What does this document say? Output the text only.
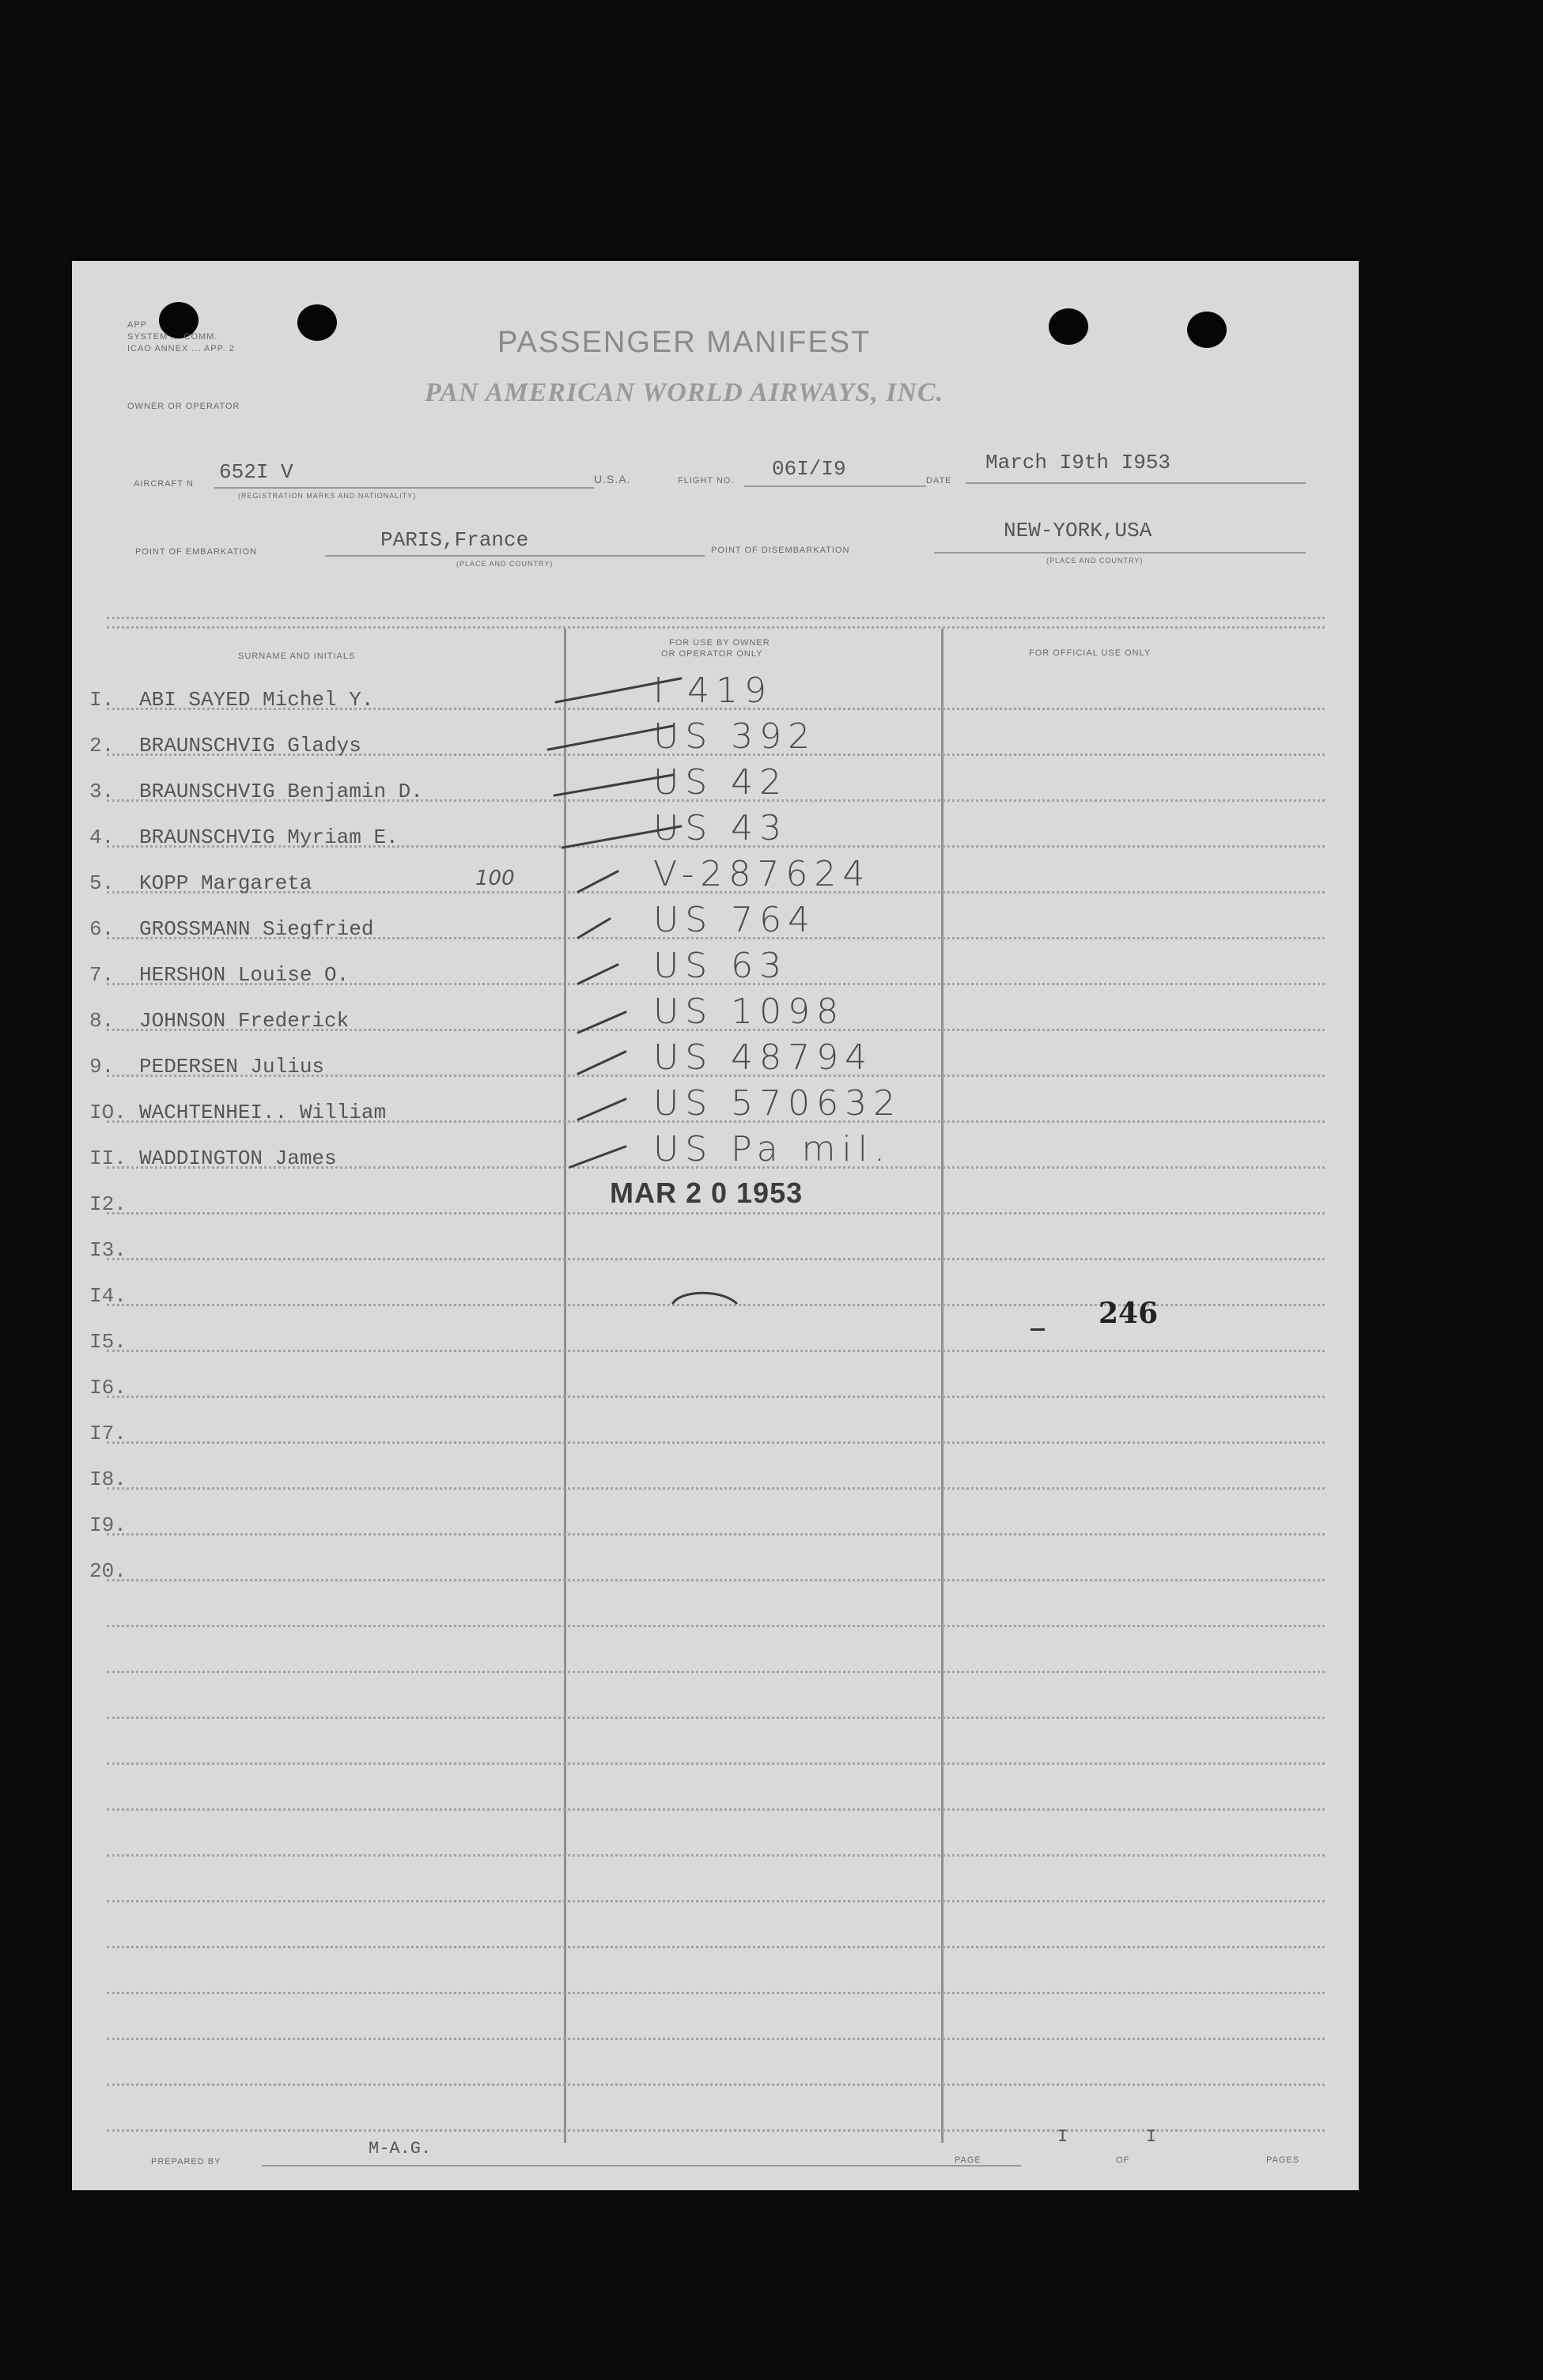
APP
SYSTEM ... COMM.
ICAO ANNEX ... APP. 2	PASSENGER MANIFEST
OWNER OR OPERATOR	PAN AMERICAN WORLD AIRWAYS, INC.
AIRCRAFT N 652I V
(REGISTRATION MARKS AND NATIONALITY)
U.S.A.	FLIGHT NO. 06I/I9	DATE
March I9th I953
POINT OF EMBARKATION	PARIS,France
(PLACE AND COUNTRY)
POINT OF DISEMBARKATION
NEW-YORK,USA
(PLACE AND COUNTRY)
SURNAME AND INITIALS
FOR USE BY OWNER
OR OPERATOR ONLY	FOR OFFICIAL USE ONLY
I. ABI SAYED Michel Y.	I 419
2. BRAUNSCHVIG Gladys	US 392
3. BRAUNSCHVIG Benjamin D.	US 42
4. BRAUNSCHVIG Myriam E.	US 43
5. KOPP Margareta	100	V-287624
6. GROSSMANN Siegfried	US 764
7. HERSHON Louise O.	US 63
8. JOHNSON Frederick	US 1098
9. PEDERSEN Julius	US 48794
IO. WACHTENHEI.. William	US 570632
II. WADDINGTON James	US Pa mil.
I2.
I3.
I4.
I5.
I6.
I7.
I8.
I9.
20.
MAR 2 0 1953
246
PREPARED BY
M-A.G.
PAGE
I
OF
I
PAGES
